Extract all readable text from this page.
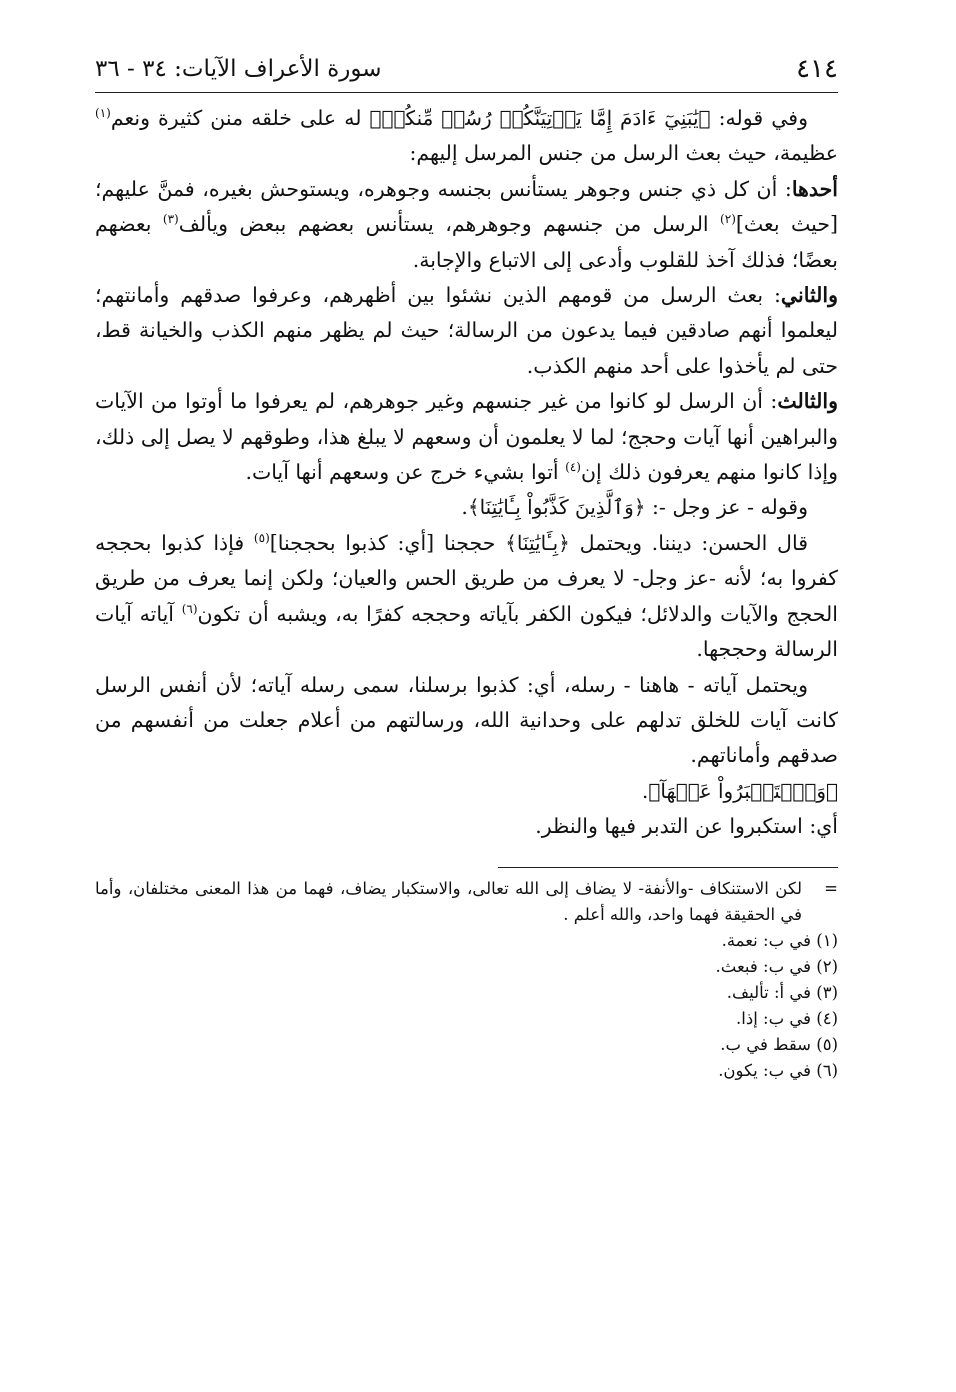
٤١٤
سورة الأعراف الآيات: ٣٤ - ٣٦

وفي قوله: ﴿يَٰبَنِيٓ ءَادَمَ إِمَّا يَأۡتِيَنَّكُمۡ رُسُلٞ مِّنكُمۡ﴾ له على خلقه منن كثيرة ونعم$^{(١)}$ عظيمة، حيث بعث الرسل من جنس المرسل إليهم:

أحدها: أن كل ذي جنس وجوهر يستأنس بجنسه وجوهره، ويستوحش بغيره، فمنَّ عليهم؛ [حيث بعث]$^{(٢)}$ الرسل من جنسهم وجوهرهم، يستأنس بعضهم ببعض ويألف$^{(٣)}$ بعضهم بعضًا؛ فذلك آخذ للقلوب وأدعى إلى الاتباع والإجابة.

والثاني: بعث الرسل من قومهم الذين نشئوا بين أظهرهم، وعرفوا صدقهم وأمانتهم؛ ليعلموا أنهم صادقين فيما يدعون من الرسالة؛ حيث لم يظهر منهم الكذب والخيانة قط، حتى لم يأخذوا على أحد منهم الكذب.

والثالث: أن الرسل لو كانوا من غير جنسهم وغير جوهرهم، لم يعرفوا ما أوتوا من الآيات والبراهين أنها آيات وحجج؛ لما لا يعلمون أن وسعهم لا يبلغ هذا، وطوقهم لا يصل إلى ذلك، وإذا كانوا منهم يعرفون ذلك إن$^{(٤)}$ أتوا بشيء خرج عن وسعهم أنها آيات.

وقوله - عز وجل -: ﴿وَٱلَّذِينَ كَذَّبُواْ بِـَٔايَٰتِنَا﴾.

قال الحسن: ديننا. ويحتمل ﴿بِـَٔايَٰتِنَا﴾ حججنا [أي: كذبوا بحججنا]$^{(٥)}$ فإذا كذبوا بحججه كفروا به؛ لأنه -عز وجل- لا يعرف من طريق الحس والعيان؛ ولكن إنما يعرف من طريق الحجج والآيات والدلائل؛ فيكون الكفر بآياته وحججه كفرًا به، ويشبه أن تكون$^{(٦)}$ آياته آيات الرسالة وحججها.

ويحتمل آياته - هاهنا - رسله، أي: كذبوا برسلنا، سمى رسله آياته؛ لأن أنفس الرسل كانت آيات للخلق تدلهم على وحدانية الله، ورسالتهم من أعلام جعلت من أنفسهم من صدقهم وأماناتهم.

﴿وَٱسۡتَكۡبَرُواْ عَنۡهَآ﴾.

أي: استكبروا عن التدبر فيها والنظر.

=
لكن الاستنكاف -والأنفة- لا يضاف إلى الله تعالى، والاستكبار يضاف، فهما من هذا المعنى مختلفان، وأما في الحقيقة فهما واحد، والله أعلم .
(١) في ب: نعمة.
(٢) في ب: فبعث.
(٣) في أ: تأليف.
(٤) في ب: إذا.
(٥) سقط في ب.
(٦) في ب: يكون.
